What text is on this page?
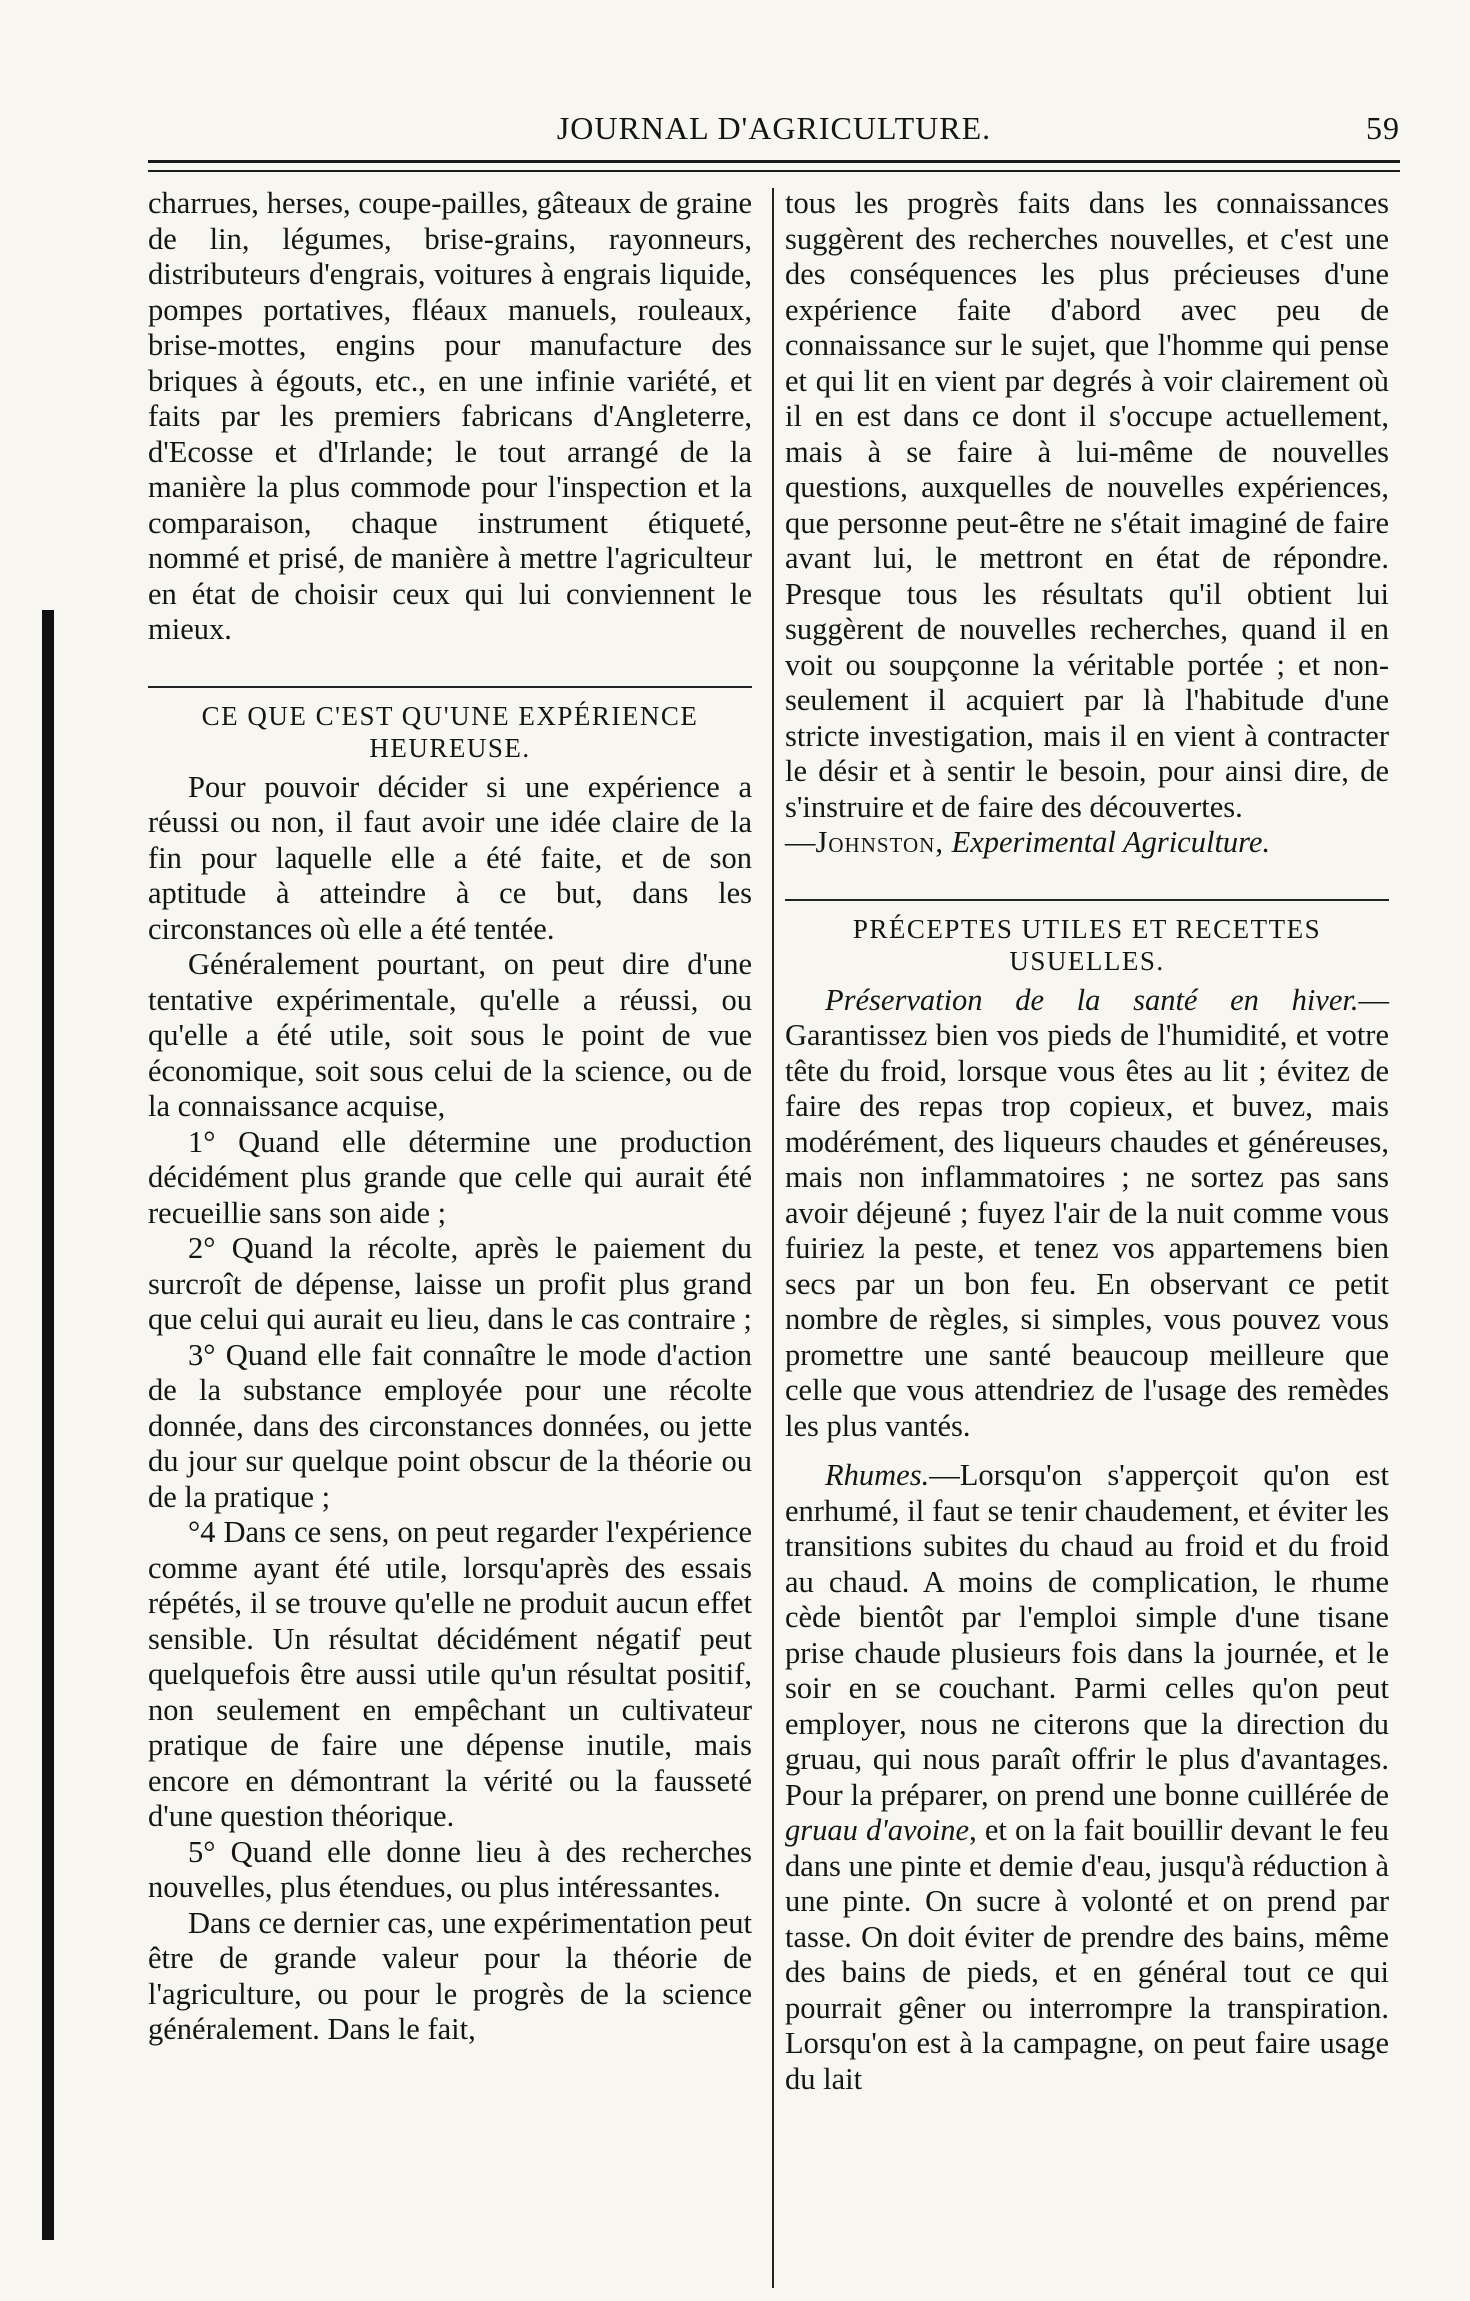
JOURNAL D'AGRICULTURE.	59

charrues, herses, coupe-pailles, gâteaux de graine de lin, légumes, brise-grains, rayonneurs, distributeurs d'engrais, voitures à engrais liquide, pompes portatives, fléaux manuels, rouleaux, brise-mottes, engins pour manufacture des briques à égouts, etc., en une infinie variété, et faits par les premiers fabricans d'Angleterre, d'Ecosse et d'Irlande; le tout arrangé de la manière la plus commode pour l'inspection et la comparaison, chaque instrument étiqueté, nommé et prisé, de manière à mettre l'agriculteur en état de choisir ceux qui lui conviennent le mieux.

CE QUE C'EST QU'UNE EXPÉRIENCE HEUREUSE.

Pour pouvoir décider si une expérience a réussi ou non, il faut avoir une idée claire de la fin pour laquelle elle a été faite, et de son aptitude à atteindre à ce but, dans les circonstances où elle a été tentée.

Généralement pourtant, on peut dire d'une tentative expérimentale, qu'elle a réussi, ou qu'elle a été utile, soit sous le point de vue économique, soit sous celui de la science, ou de la connaissance acquise,

1° Quand elle détermine une production décidément plus grande que celle qui aurait été recueillie sans son aide ;

2° Quand la récolte, après le paiement du surcroît de dépense, laisse un profit plus grand que celui qui aurait eu lieu, dans le cas contraire ;

3° Quand elle fait connaître le mode d'action de la substance employée pour une récolte donnée, dans des circonstances données, ou jette du jour sur quelque point obscur de la théorie ou de la pratique ;

°4 Dans ce sens, on peut regarder l'expérience comme ayant été utile, lorsqu'après des essais répétés, il se trouve qu'elle ne produit aucun effet sensible. Un résultat décidément négatif peut quelquefois être aussi utile qu'un résultat positif, non seulement en empêchant un cultivateur pratique de faire une dépense inutile, mais encore en démontrant la vérité ou la fausseté d'une question théorique.

5° Quand elle donne lieu à des recherches nouvelles, plus étendues, ou plus intéressantes.

Dans ce dernier cas, une expérimentation peut être de grande valeur pour la théorie de l'agriculture, ou pour le progrès de la science généralement. Dans le fait,

tous les progrès faits dans les connaissances suggèrent des recherches nouvelles, et c'est une des conséquences les plus précieuses d'une expérience faite d'abord avec peu de connaissance sur le sujet, que l'homme qui pense et qui lit en vient par degrés à voir clairement où il en est dans ce dont il s'occupe actuellement, mais à se faire à lui-même de nouvelles questions, auxquelles de nouvelles expériences, que personne peut-être ne s'était imaginé de faire avant lui, le mettront en état de répondre. Presque tous les résultats qu'il obtient lui suggèrent de nouvelles recherches, quand il en voit ou soupçonne la véritable portée ; et non-seulement il acquiert par là l'habitude d'une stricte investigation, mais il en vient à contracter le désir et à sentir le besoin, pour ainsi dire, de s'instruire et de faire des découvertes.

—Johnston, Experimental Agriculture.

PRÉCEPTES UTILES ET RECETTES USUELLES.

Préservation de la santé en hiver.—Garantissez bien vos pieds de l'humidité, et votre tête du froid, lorsque vous êtes au lit ; évitez de faire des repas trop copieux, et buvez, mais modérément, des liqueurs chaudes et généreuses, mais non inflammatoires ; ne sortez pas sans avoir déjeuné ; fuyez l'air de la nuit comme vous fuiriez la peste, et tenez vos appartemens bien secs par un bon feu. En observant ce petit nombre de règles, si simples, vous pouvez vous promettre une santé beaucoup meilleure que celle que vous attendriez de l'usage des remèdes les plus vantés.

Rhumes.—Lorsqu'on s'apperçoit qu'on est enrhumé, il faut se tenir chaudement, et éviter les transitions subites du chaud au froid et du froid au chaud. A moins de complication, le rhume cède bientôt par l'emploi simple d'une tisane prise chaude plusieurs fois dans la journée, et le soir en se couchant. Parmi celles qu'on peut employer, nous ne citerons que la direction du gruau, qui nous paraît offrir le plus d'avantages. Pour la préparer, on prend une bonne cuillérée de gruau d'avoine, et on la fait bouillir devant le feu dans une pinte et demie d'eau, jusqu'à réduction à une pinte. On sucre à volonté et on prend par tasse. On doit éviter de prendre des bains, même des bains de pieds, et en général tout ce qui pourrait gêner ou interrompre la transpiration. Lorsqu'on est à la campagne, on peut faire usage du lait
